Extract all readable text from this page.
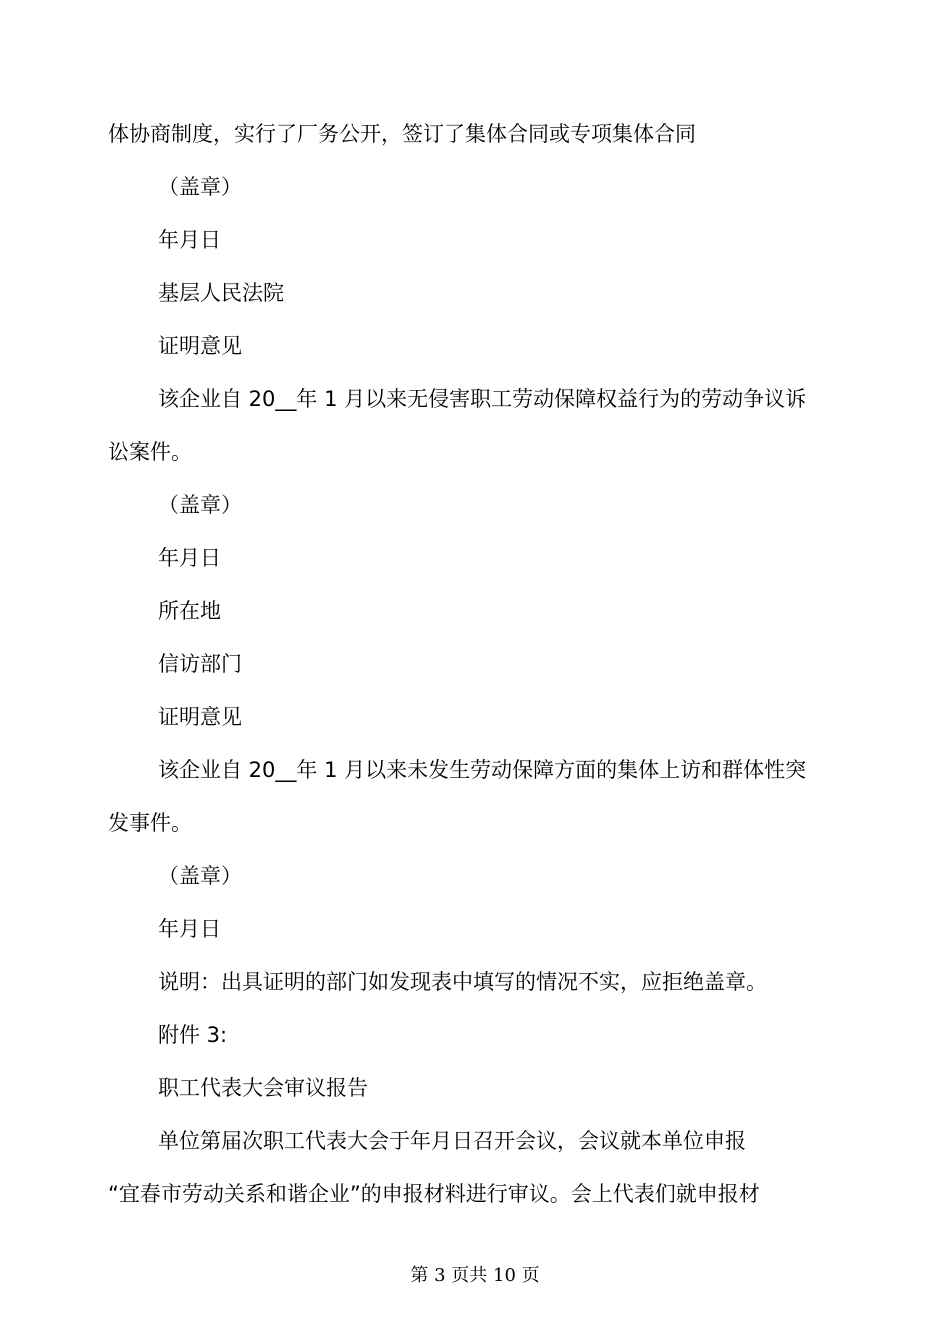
体协商制度，实行了厂务公开，签订了集体合同或专项集体合同
（盖章）
年月日
基层人民法院
证明意见
该企业自 20__年 1 月以来无侵害职工劳动保障权益行为的劳动争议诉
讼案件。
（盖章）
年月日
所在地
信访部门
证明意见
该企业自 20__年 1 月以来未发生劳动保障方面的集体上访和群体性突
发事件。
（盖章）
年月日
说明：出具证明的部门如发现表中填写的情况不实，应拒绝盖章。
附件 3:
职工代表大会审议报告
单位第届次职工代表大会于年月日召开会议，会议就本单位申报
“宜春市劳动关系和谐企业”的申报材料进行审议。会上代表们就申报材
第 3 页共 10 页
